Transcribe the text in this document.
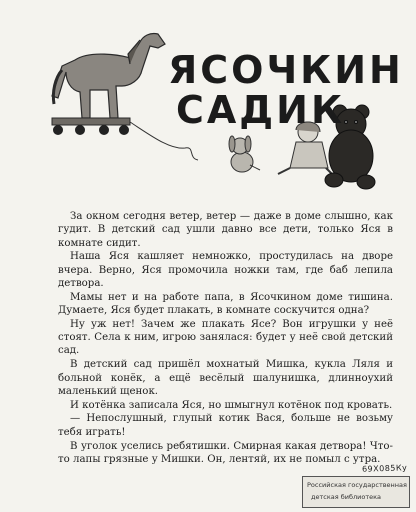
ЯСОЧКИН
САДИК

За окном сегодня ветер, ветер — даже в доме слышно, как гудит. В детский сад ушли давно все дети, только Яся в комнате сидит.

Наша Яся кашляет немножко, простудилась на дворе вчера. Верно, Яся промочила ножки там, где баб лепила детвора.

Мамы нет и на работе папа, в Ясочкином доме тишина. Думаете, Яся будет плакать, в комнате соскучится одна?

Ну уж нет! Зачем же плакать Ясе? Вон игрушки у неё стоят. Села к ним, игрою занялася: будет у неё свой детский сад.

В детский сад пришёл мохнатый Мишка, кукла Ляля и больной конёк, а ещё весёлый шалунишка, длинноухий маленький щенок.

И котёнка записала Яся, но шмыгнул котёнок под кровать.

— Непослушный, глупый котик Вася, больше не возьму тебя играть!

В уголок уселись ребятишки. Смирная какая детвора! Что-то лапы грязные у Мишки. Он, лентяй, их не помыл с утра.

69X085Ку
Российская государственная
детская библиотека
